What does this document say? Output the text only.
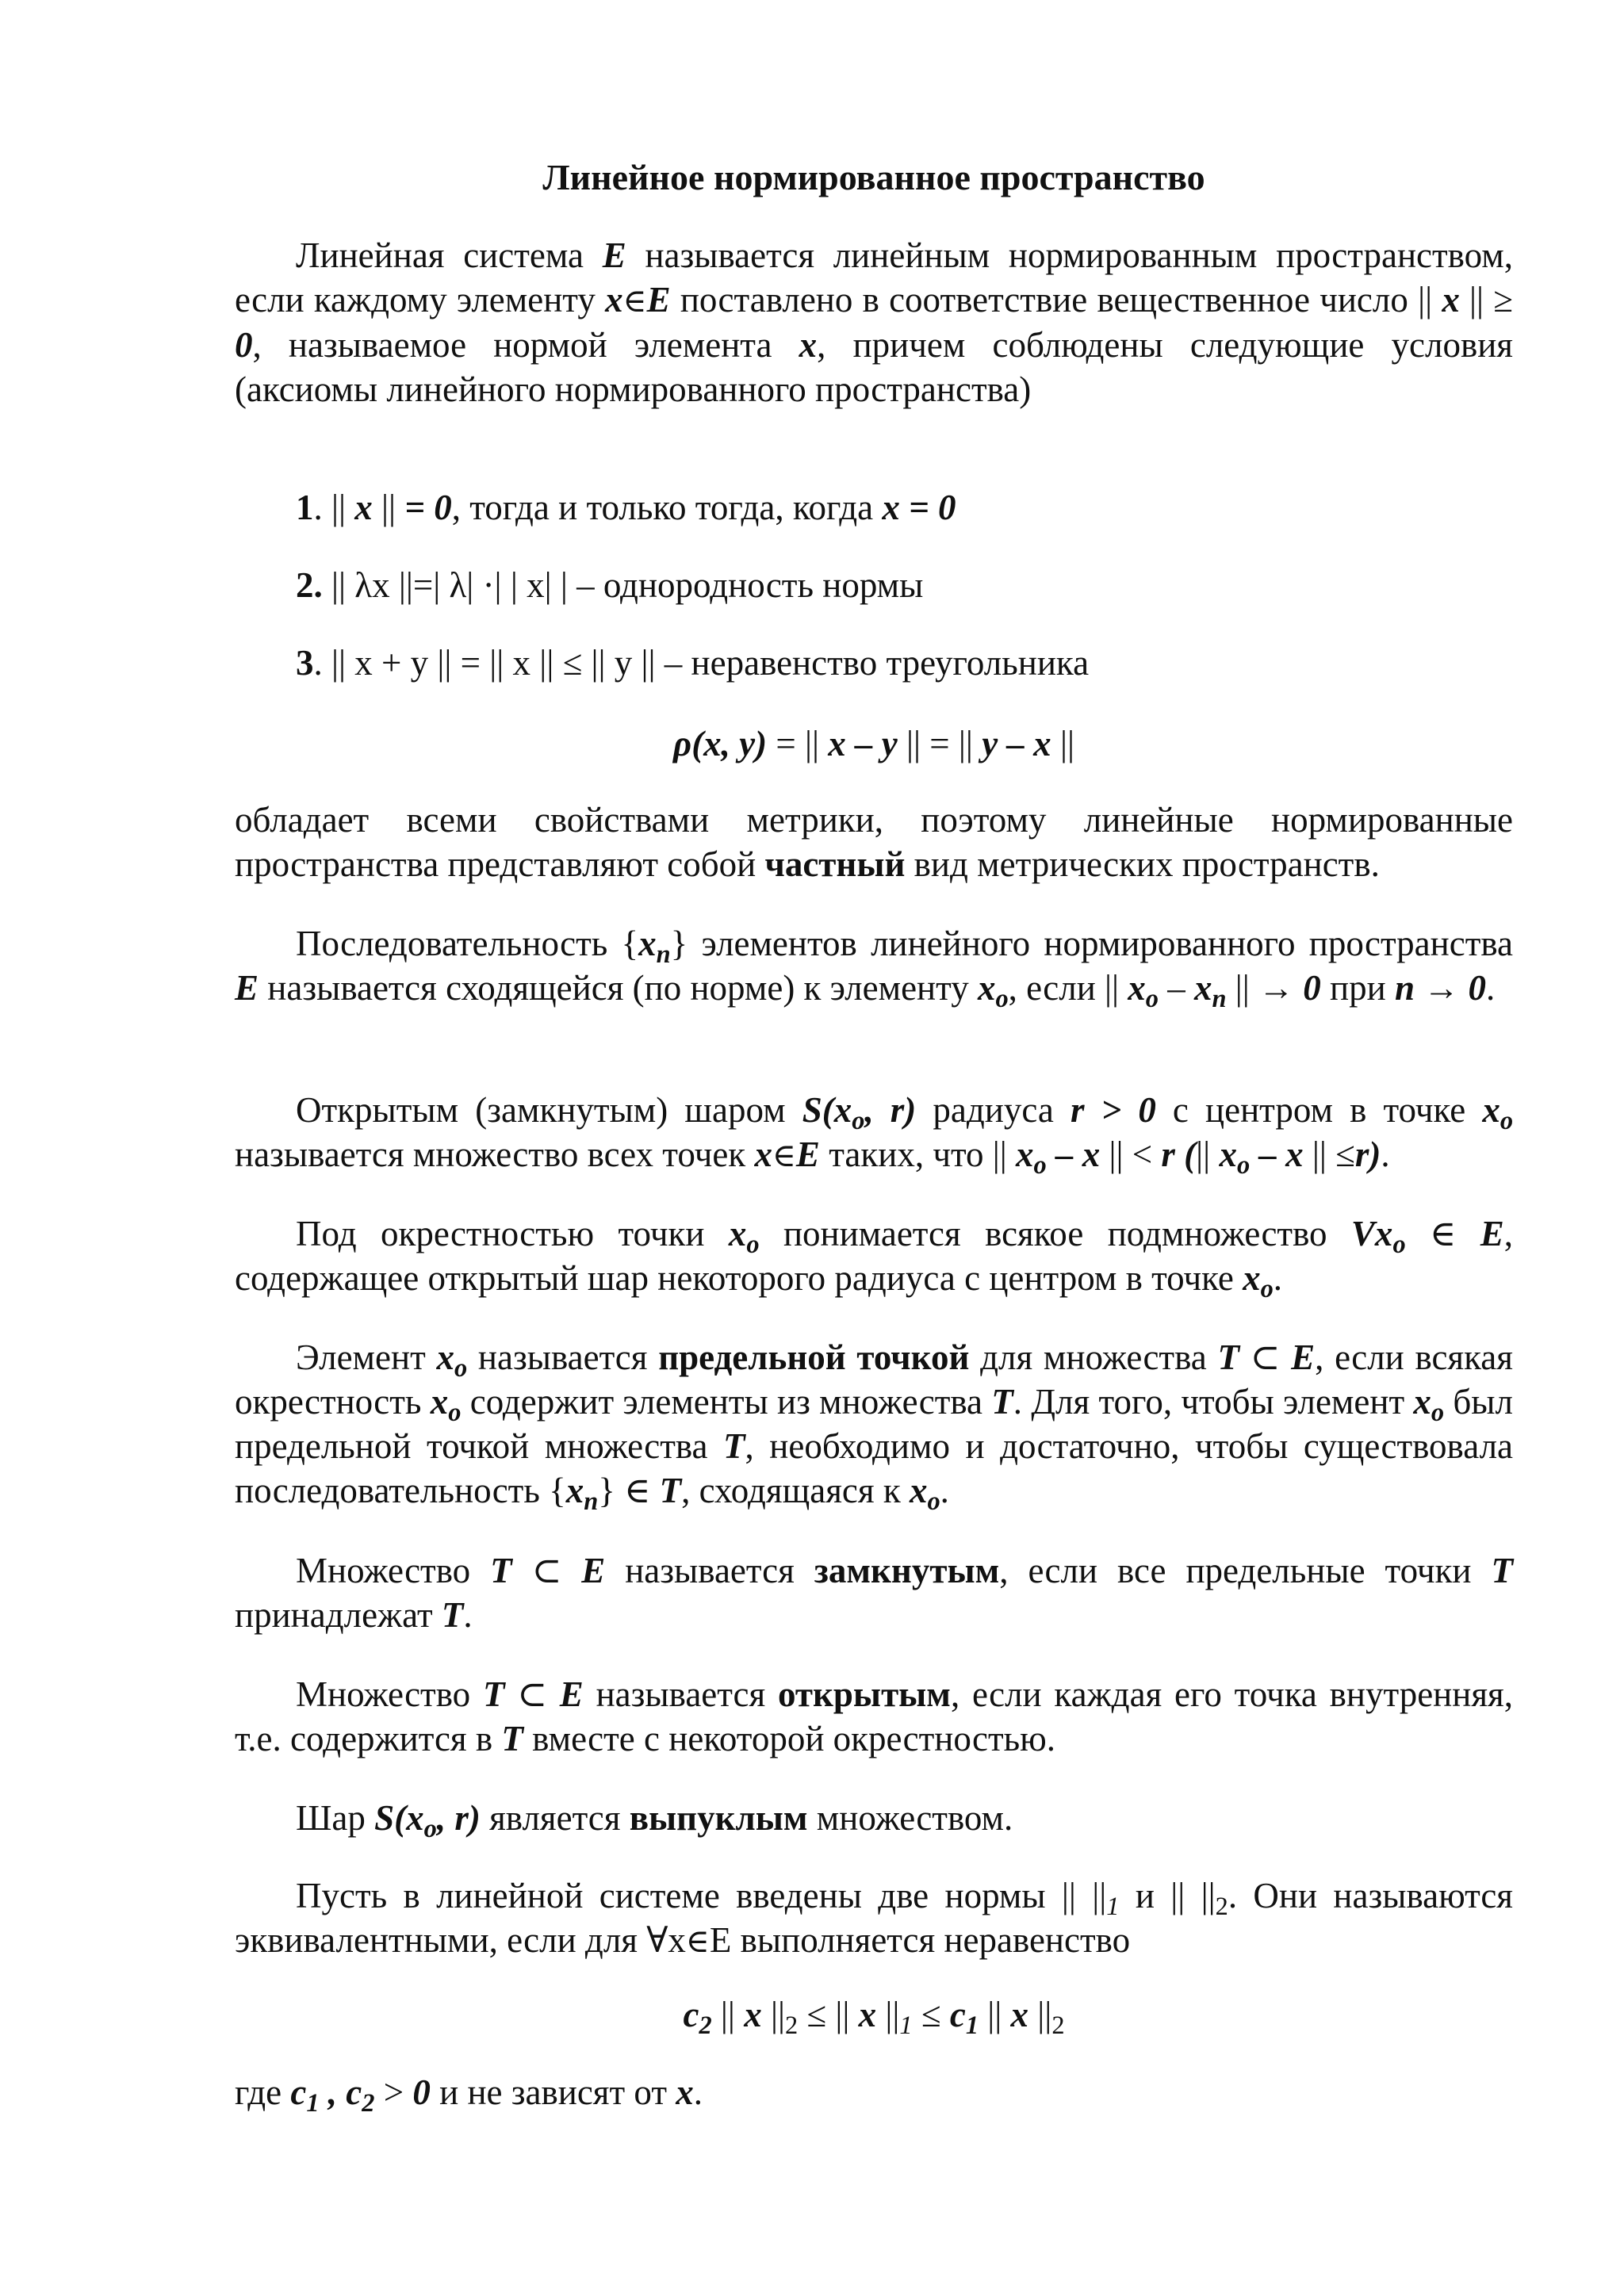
Линейное нормированное пространство
Линейная система E называется линейным нормированным пространством, если каждому элементу x∈E поставлено в соответствие вещественное число || x || ≥ 0, называемое нормой элемента x, причем соблюдены следующие условия (аксиомы линейного нормированного пространства)
1. || x || = 0, тогда и только тогда, когда x = 0
2. || λx ||=| λ| ·| | x| | – однородность нормы
3. || x + y || = || x || ≤ || y || – неравенство треугольника
ρ(x, y) = || x – y || = || y – x ||
обладает всеми свойствами метрики, поэтому линейные нормированные пространства представляют собой частный вид метрических пространств.
Последовательность $\{x_n\}$ элементов линейного нормированного пространства E называется сходящейся (по норме) к элементу $x_o$, если || $x_o - x_n$ || → 0 при n → 0.
Открытым (замкнутым) шаром $S(x_o$, r) радиуса r > 0 с центром в точке $x_o$ называется множество всех точек x∈E таких, что || $x_o$ – x || < r (|| $x_o$ – x || ≤r).
Под окрестностью точки $x_o$ понимается всякое подмножество $Vx_o$ ∈ E, содержащее открытый шар некоторого радиуса с центром в точке $x_o$.
Элемент $x_o$ называется предельной точкой для множества T ⊂ E, если всякая окрестность $x_o$ содержит элементы из множества T. Для того, чтобы элемент $x_o$ был предельной точкой множества T, необходимо и достаточно, чтобы существовала последовательность $\{x_n\}$ ∈ T, сходящаяся к $x_o$.
Множество T ⊂ E называется замкнутым, если все предельные точки T принадлежат T.
Множество T ⊂ E называется открытым, если каждая его точка внутренняя, т.е. содержится в T вместе с некоторой окрестностью.
Шар $S(x_o$, r) является выпуклым множеством.
Пусть в линейной системе введены две нормы || $||_1$ и || $||_2$. Они называются эквивалентными, если для ∀x∈E выполняется неравенство
$c_2$ || x $||_2$ ≤ || x $||_1 \le c_1$ || x $||_2$
где $c_1$ , $c_2 > 0$ и не зависят от x.
